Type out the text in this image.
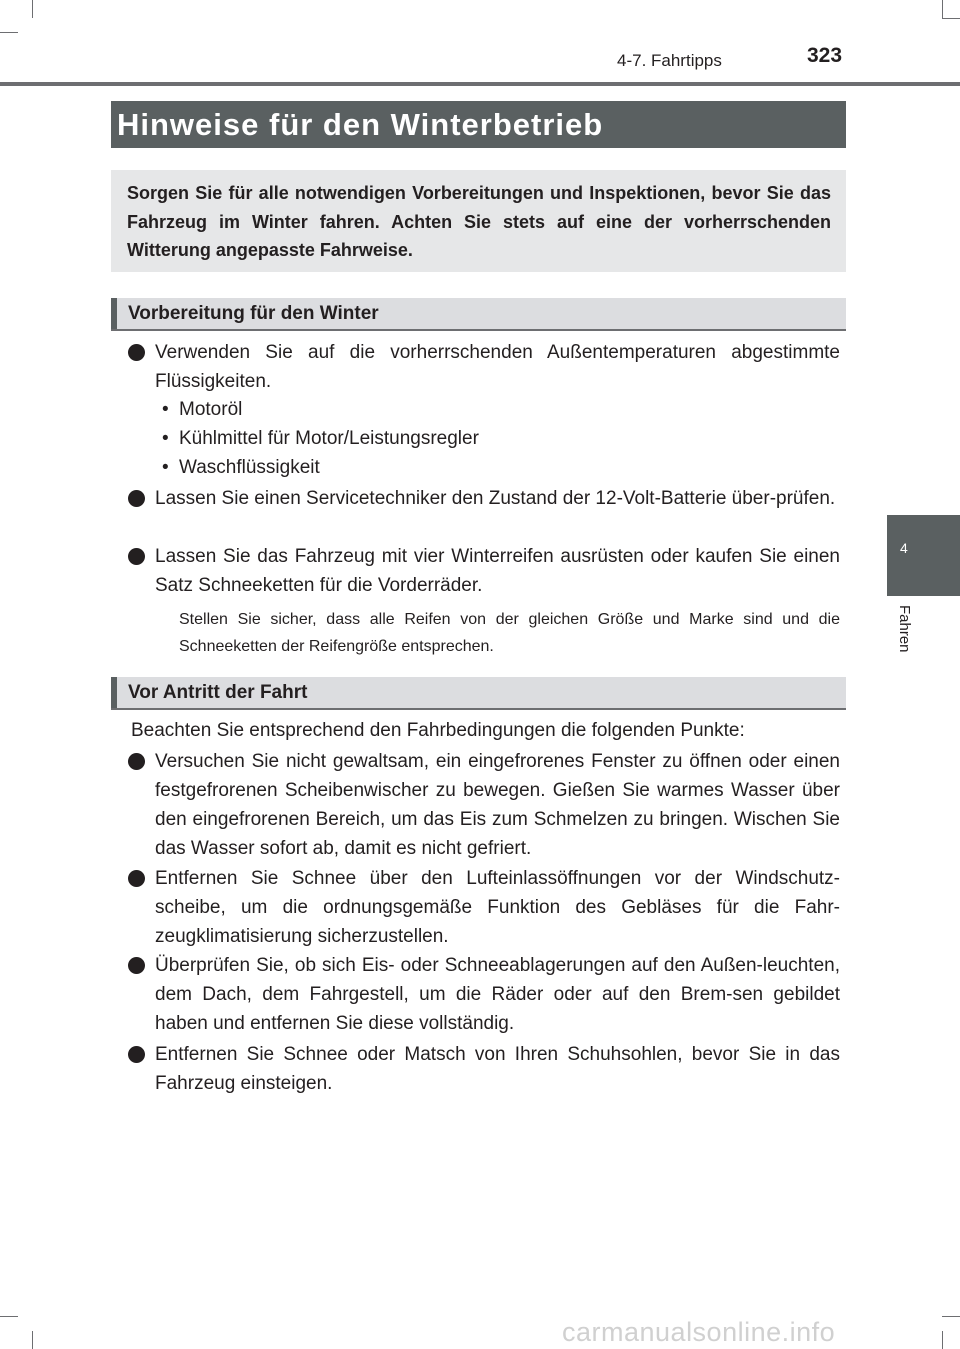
4-7. Fahrtipps	323
4
Fahren
Hinweise für den Winterbetrieb
Sorgen Sie für alle notwendigen Vorbereitungen und Inspektionen, bevor Sie das Fahrzeug im Winter fahren. Achten Sie stets auf eine der vorherrschenden Witterung angepasste Fahrweise.
Vorbereitung für den Winter
Verwenden Sie auf die vorherrschenden Außentemperaturen abgestimmte Flüssigkeiten.
• Motoröl
• Kühlmittel für Motor/Leistungsregler
• Waschflüssigkeit
Lassen Sie einen Servicetechniker den Zustand der 12-Volt-Batterie über-prüfen.
Lassen Sie das Fahrzeug mit vier Winterreifen ausrüsten oder kaufen Sie einen Satz Schneeketten für die Vorderräder.
Stellen Sie sicher, dass alle Reifen von der gleichen Größe und Marke sind und die Schneeketten der Reifengröße entsprechen.
Vor Antritt der Fahrt
Beachten Sie entsprechend den Fahrbedingungen die folgenden Punkte:
Versuchen Sie nicht gewaltsam, ein eingefrorenes Fenster zu öffnen oder einen festgefrorenen Scheibenwischer zu bewegen. Gießen Sie warmes Wasser über den eingefrorenen Bereich, um das Eis zum Schmelzen zu bringen. Wischen Sie das Wasser sofort ab, damit es nicht gefriert.
Entfernen Sie Schnee über den Lufteinlassöffnungen vor der Windschutz-scheibe, um die ordnungsgemäße Funktion des Gebläses für die Fahr-zeugklimatisierung sicherzustellen.
Überprüfen Sie, ob sich Eis- oder Schneeablagerungen auf den Außen-leuchten, dem Dach, dem Fahrgestell, um die Räder oder auf den Brem-sen gebildet haben und entfernen Sie diese vollständig.
Entfernen Sie Schnee oder Matsch von Ihren Schuhsohlen, bevor Sie in das Fahrzeug einsteigen.
carmanualsonline.info
